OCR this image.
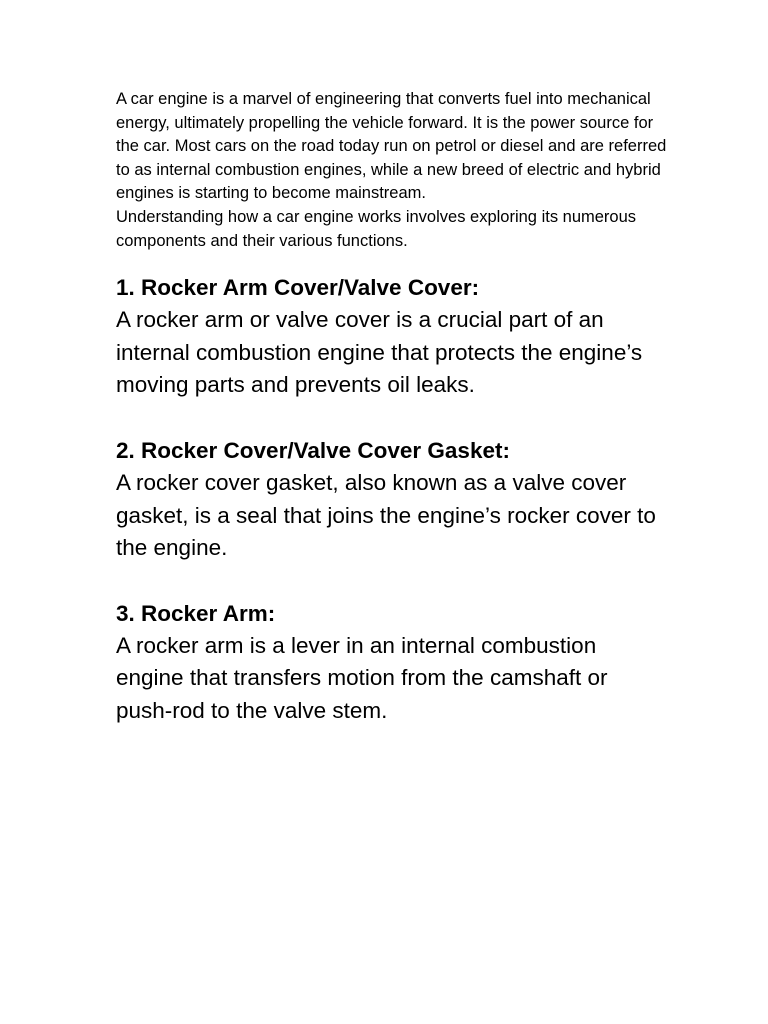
A car engine is a marvel of engineering that converts fuel into mechanical energy, ultimately propelling the vehicle forward. It is the power source for the car. Most cars on the road today run on petrol or diesel and are referred to as internal combustion engines, while a new breed of electric and hybrid engines is starting to become mainstream.

Understanding how a car engine works involves exploring its numerous components and their various functions.

1. Rocker Arm Cover/Valve Cover:

A rocker arm or valve cover is a crucial part of an internal combustion engine that protects the engine’s moving parts and prevents oil leaks.

2. Rocker Cover/Valve Cover Gasket:

A rocker cover gasket, also known as a valve cover gasket, is a seal that joins the engine’s rocker cover to the engine.

3. Rocker Arm:

A rocker arm is a lever in an internal combustion engine that transfers motion from the camshaft or push-rod to the valve stem.
